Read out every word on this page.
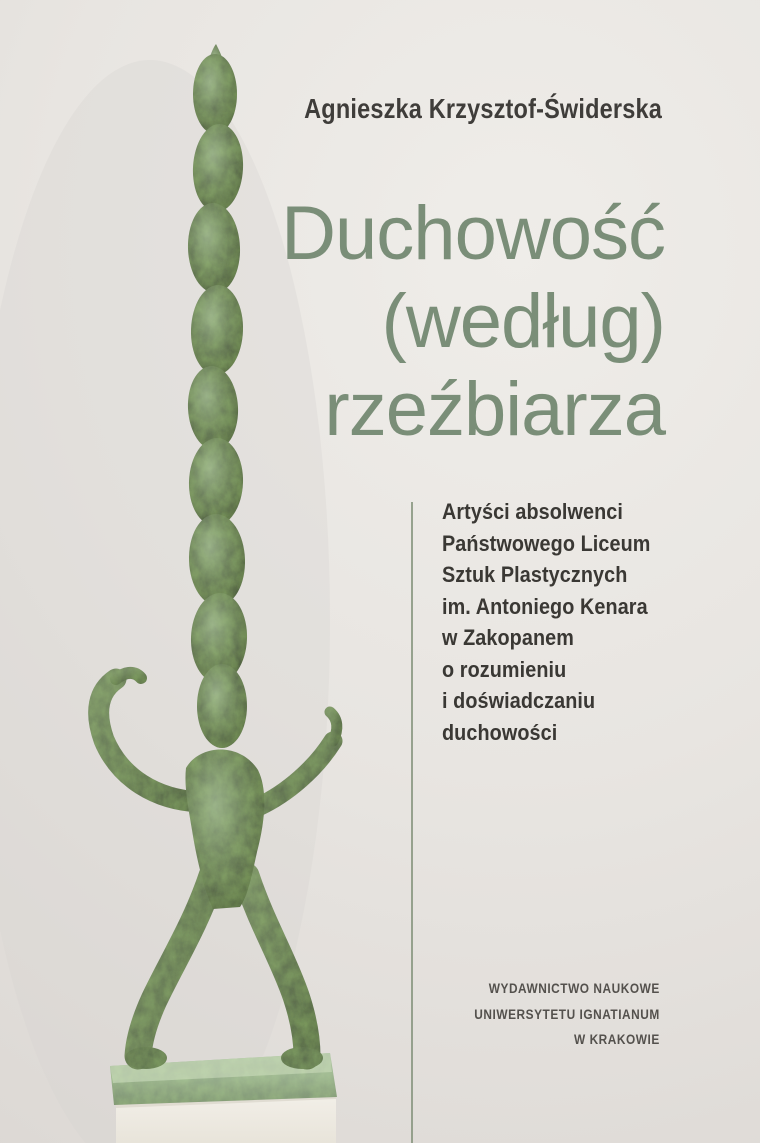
Agnieszka Krzysztof-Świderska
Duchowość
(według)
rzeźbiarza
Artyści absolwenci
Państwowego Liceum
Sztuk Plastycznych
im. Antoniego Kenara
w Zakopanem
o rozumieniu
i doświadczaniu
duchowości
WYDAWNICTWO NAUKOWE
UNIWERSYTETU IGNATIANUM
W KRAKOWIE
